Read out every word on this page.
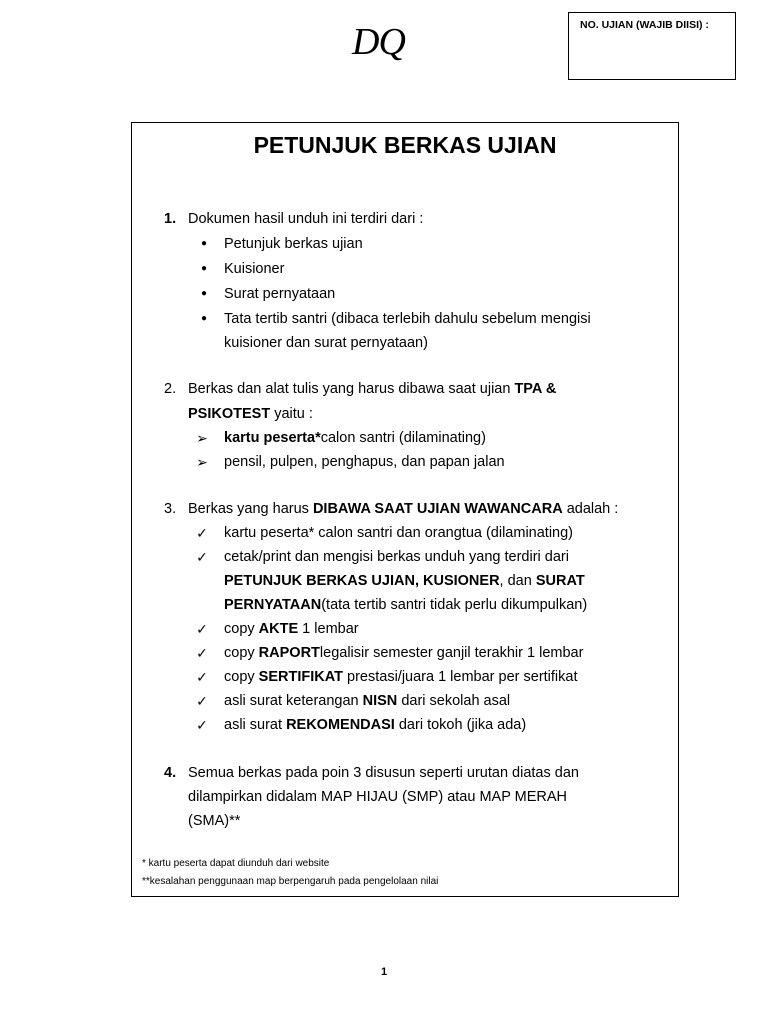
DQ	NO. UJIAN (WAJIB DIISI) :
PETUNJUK BERKAS UJIAN
1. Dokumen hasil unduh ini terdiri dari :
● Petunjuk berkas ujian
● Kuisioner
● Surat pernyataan
● Tata tertib santri (dibaca terlebih dahulu sebelum mengisi
kuisioner dan surat pernyataan)
2. Berkas dan alat tulis yang harus dibawa saat ujian TPA &
PSIKOTEST yaitu :
➢ kartu peserta*calon santri (dilaminating)
➢ pensil, pulpen, penghapus, dan papan jalan
3. Berkas yang harus DIBAWA SAAT UJIAN WAWANCARA adalah :
✓ kartu peserta* calon santri dan orangtua (dilaminating)
✓ cetak/print dan mengisi berkas unduh yang terdiri dari
PETUNJUK BERKAS UJIAN, KUSIONER, dan SURAT
PERNYATAAN(tata tertib santri tidak perlu dikumpulkan)
✓ copy AKTE 1 lembar
✓ copy RAPORTlegalisir semester ganjil terakhir 1 lembar
✓ copy SERTIFIKAT prestasi/juara 1 lembar per sertifikat
✓ asli surat keterangan NISN dari sekolah asal
✓ asli surat REKOMENDASI dari tokoh (jika ada)
4. Semua berkas pada poin 3 disusun seperti urutan diatas dan
dilampirkan didalam MAP HIJAU (SMP) atau MAP MERAH
(SMA)**
* kartu peserta dapat diunduh dari website
**kesalahan penggunaan map berpengaruh pada pengelolaan nilai
1
